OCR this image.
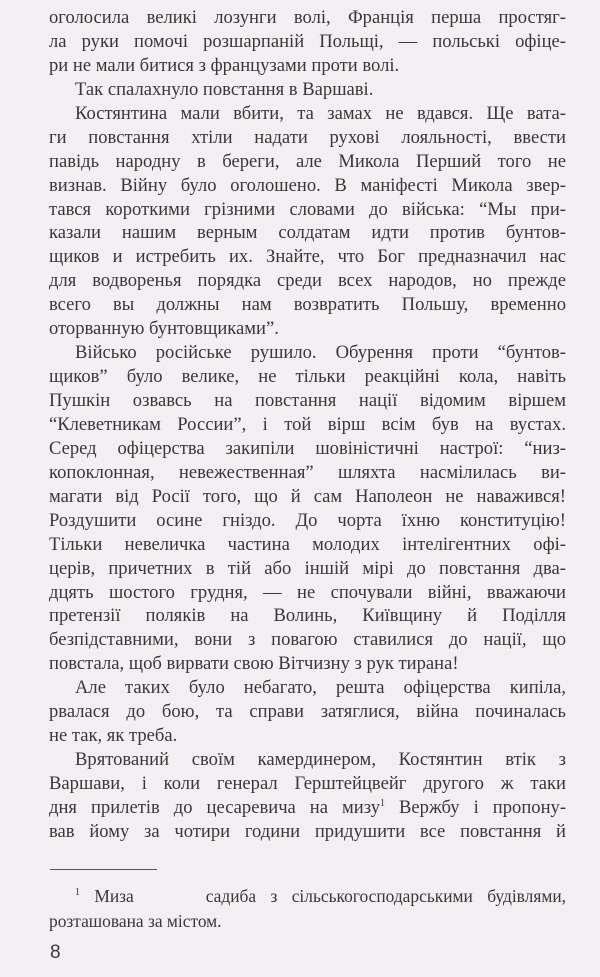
оголосила великі лозунги волі, Франція перша простяг-
ла руки помочі розшарпаній Польщі, — польські офіце-
ри не мали битися з французами проти волі.
Так спалахнуло повстання в Варшаві.
Костянтина мали вбити, та замах не вдався. Ще вата-
ги повстання хтіли надати рухові лояльності, ввести
павідь народну в береги, але Микола Перший того не
визнав. Війну було оголошено. В маніфесті Микола звер-
тався короткими грізними словами до війська: “Мы при-
казали нашим верным солдатам идти против бунтов-
щиков и истребить их. Знайте, что Бог предназначил нас
для водворенья порядка среди всех народов, но прежде
всего вы должны нам возвратить Польшу, временно
оторванную бунтовщиками”.
Військо російське рушило. Обурення проти “бунтов-
щиков” було велике, не тільки реакційні кола, навіть
Пушкін озвавсь на повстання нації відомим віршем
“Клеветникам России”, і той вірш всім був на вустах.
Серед офіцерства закипіли шовіністичні настрої: “низ-
копоклонная, невежественная” шляхта насмілилась ви-
магати від Росії того, що й сам Наполеон не наважився!
Роздушити осине гніздо. До чорта їхню конституцію!
Тільки невеличка частина молодих інтелігентних офі-
церів, причетних в тій або іншій мірі до повстання два-
дцять шостого грудня, — не спочували війні, вважаючи
претензії поляків на Волинь, Київщину й Поділля
безпідставними, вони з повагою ставилися до нації, що
повстала, щоб вирвати свою Вітчизну з рук тирана!
Але таких було небагато, решта офіцерства кипіла,
рвалася до бою, та справи затяглися, війна починалась
не так, як треба.
Врятований своїм камердинером, Костянтин втік з
Варшави, і коли генерал Герштейцвейг другого ж таки
дня прилетів до цесаревича на мизу$^1$ Вержбу і пропону-
вав йому за чотири години придушити все повстання й
$^1$ Миза     садиба з сільськогосподарськими будівлями,
розташована за містом.
8
